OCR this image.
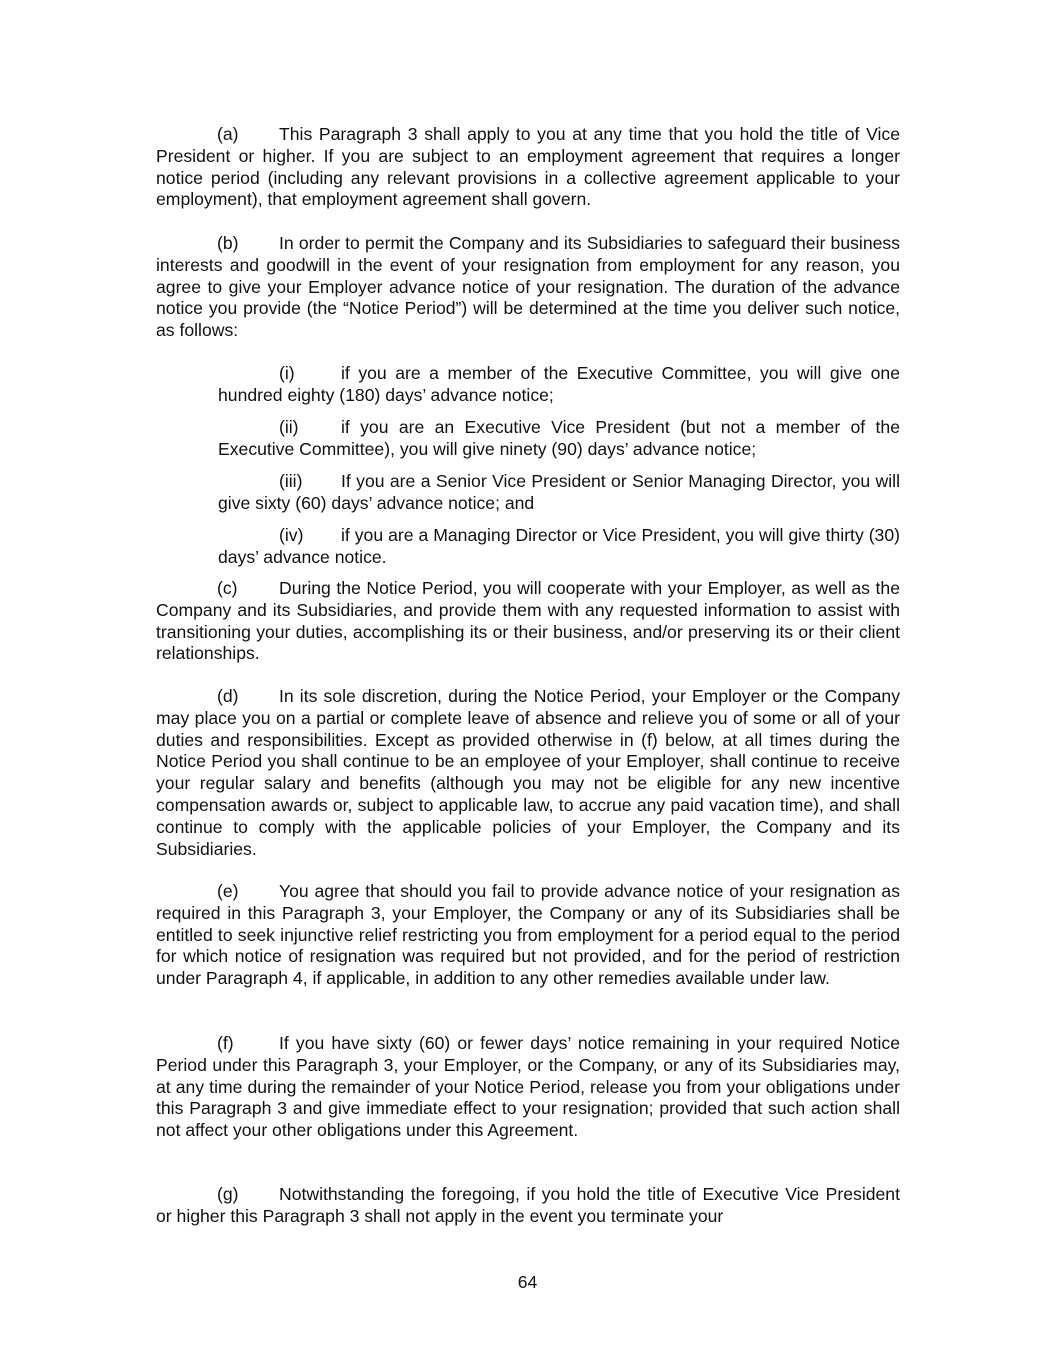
(a) This Paragraph 3 shall apply to you at any time that you hold the title of Vice President or higher. If you are subject to an employment agreement that requires a longer notice period (including any relevant provisions in a collective agreement applicable to your employment), that employment agreement shall govern.

(b) In order to permit the Company and its Subsidiaries to safeguard their business interests and goodwill in the event of your resignation from employment for any reason, you agree to give your Employer advance notice of your resignation. The duration of the advance notice you provide (the “Notice Period”) will be determined at the time you deliver such notice, as follows:

(i)	if you are a member of the Executive Committee, you will give one hundred eighty (180) days’ advance notice;

(ii) if you are an Executive Vice President (but not a member of the Executive Committee), you will give ninety (90) days’ advance notice;

(iii) If you are a Senior Vice President or Senior Managing Director, you will give sixty (60) days’ advance notice; and

(iv) if you are a Managing Director or Vice President, you will give thirty (30) days’ advance notice.

(c) During the Notice Period, you will cooperate with your Employer, as well as the Company and its Subsidiaries, and provide them with any requested information to assist with transitioning your duties, accomplishing its or their business, and/or preserving its or their client relationships.

(d) In its sole discretion, during the Notice Period, your Employer or the Company may place you on a partial or complete leave of absence and relieve you of some or all of your duties and responsibilities. Except as provided otherwise in (f) below, at all times during the Notice Period you shall continue to be an employee of your Employer, shall continue to receive your regular salary and benefits (although you may not be eligible for any new incentive compensation awards or, subject to applicable law, to accrue any paid vacation time), and shall continue to comply with the applicable policies of your Employer, the Company and its Subsidiaries.

(e) You agree that should you fail to provide advance notice of your resignation as required in this Paragraph 3, your Employer, the Company or any of its Subsidiaries shall be entitled to seek injunctive relief restricting you from employment for a period equal to the period for which notice of resignation was required but not provided, and for the period of restriction under Paragraph 4, if applicable, in addition to any other remedies available under law.

(f)	If you have sixty (60) or fewer days’ notice remaining in your required Notice Period under this Paragraph 3, your Employer, or the Company, or any of its Subsidiaries may, at any time during the remainder of your Notice Period, release you from your obligations under this Paragraph 3 and give immediate effect to your resignation; provided that such action shall not affect your other obligations under this Agreement.

(g) Notwithstanding the foregoing, if you hold the title of Executive Vice President or higher this Paragraph 3 shall not apply in the event you terminate your

64
